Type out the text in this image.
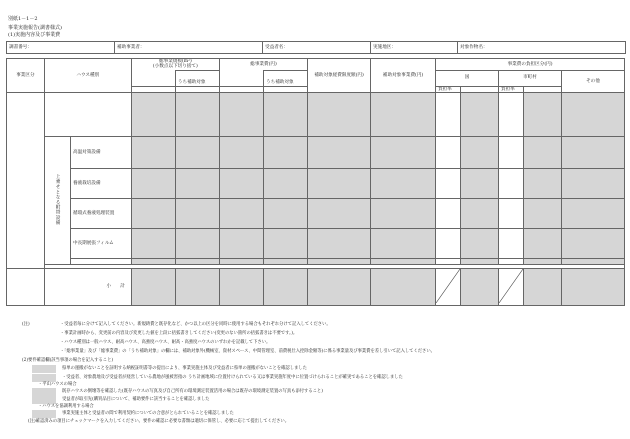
別紙1－1－2
事業実施報告(調書様式)
(1)実施内容及び事業費
調書番号：	補助事業者：	受益者名：	実施地区：	対象作物名：
事業区分	ハウス種別		総事業規模(m²)
(小数点以下切り捨て)		総事業費(円)		補助対象経費限度額(円)	補助対象事業費(円)	事業費の負担区分(円)				
				うち補助対象		うち補助対象			国		市町村		その他
									負担率		負担率		

	上乗せとなる附帯設備	高温対策設備											
		養液栽培設備											
		循環式養液処理装置											
		中長期展張フィルム											

	小　　計											
(注)	・受益者毎に分けて記入してください。新規鋳費と既存化など、かつ以上の区分を同時に使用する場合もそれぞれ分けて記入してください。
・事業計画時から、変更前の内容及び変更した値を上段に括弧書きしてください(変更のない箇所の括弧書きは不要です。)。
・ハウス種別は一般ハウス、耐高ハウス、高強度ハウス、耐高・高強度ハウスのいずれかを記載して下さい。
・「総事業量」及び「総事業費」の「うち補助対象」の欄には、補助対象外(機械室、資材スペース、中間管理室、前費税仕入控除金額等)に係る事業量及び事業費を差し引いて記入してください。
(2)要件確認欄(該当事項の場合を記入すること)
県単の運搬がないことを証明する納税証明書等の提出により、事業実施主体及び受益者に県単の運搬がないことを確認しました
・受益者、対象農地及び受益者が経営している農地が風被害指の うち計画地域に位置付けられている又は事業実施年度中に位置づけられることが確実であることを確認しました
・平山ハウスの場合
既存ハウスの倒壊等を確認した(既存ハウスの写真及び自己所有の環境測定装置活用の場合は既存の環境測定装置の写真も添付すること)
受益者が取引先(購買品目について、補助要件に該当することを確認しました
・ハウスを協調利用する場合
事業実施主体と受益者の間で利用契約についての合意がとられていることを確認しました
(注)確認済みの項目にチェックマークを入力してください。要件の確認に必要な書類は適切に保管し、必要に応じて提出してください。
